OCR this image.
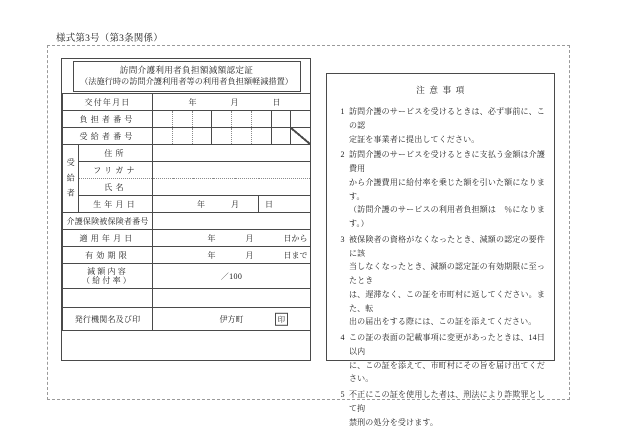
様式第3号（第3条関係）
訪問介護利用者負担額減額認定証
（法施行時の訪問介護利用者等の利用者負担額軽減措置）			

交付年月日		年 月 日	
負担者番号			

受給者番号			

受給者	住所		
	フリガナ		
	氏名		
	生年月日	年 月 日	
介護保険被保険者番号			
適用年月日		年 月 日から	
有効期限		年 月 日まで	

減額内容
（給付率）		／100	

発行機関名及び印		伊方町 印	
注意事項
1 訪問介護のサービスを受けるときは、必ず事前に、この認
定証を事業者に提出してください。
2 訪問介護のサービスを受けるときに支払う金額は介護費用
から介護費用に給付率を乗じた額を引いた額になります。
（訪問介護のサービスの利用者負担額は　％になります。）
3 被保険者の資格がなくなったとき、減額の認定の要件に該
当しなくなったとき、減額の認定証の有効期限に至ったとき
は、遅滞なく、この証を市町村に返してください。また、転
出の届出をする際には、この証を添えてください。
4 この証の表面の記載事項に変更があったときは、14日以内
に、この証を添えて、市町村にその旨を届け出てください。
5 不正にこの証を使用した者は、刑法により詐欺罪として拘
禁刑の処分を受けます。
